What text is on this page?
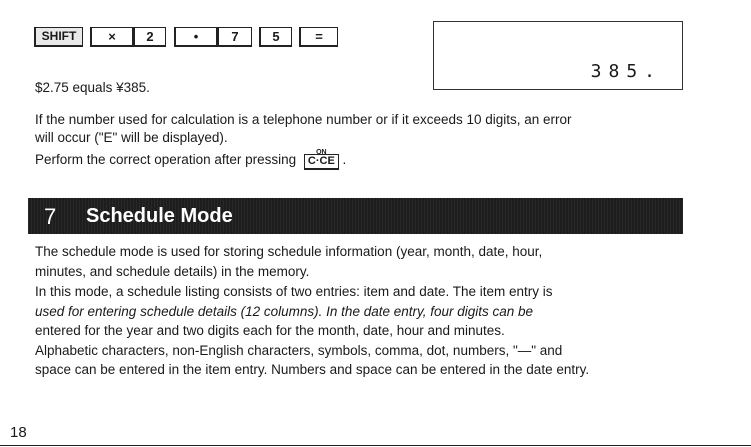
SHIFT	×	2	•	7	5	=
385.
$2.75 equals ¥385.
If the number used for calculation is a telephone number or if it exceeds 10 digits, an error
will occur ("E" will be displayed).
Perform the correct operation after pressing	ON
C·CE .
7 Schedule Mode
The schedule mode is used for storing schedule information (year, month, date, hour,
minutes, and schedule details) in the memory.
In this mode, a schedule listing consists of two entries: item and date. The item entry is
used for entering schedule details (12 columns). In the date entry, four digits can be
entered for the year and two digits each for the month, date, hour and minutes.
Alphabetic characters, non-English characters, symbols, comma, dot, numbers, "—" and
space can be entered in the item entry. Numbers and space can be entered in the date entry.
18
